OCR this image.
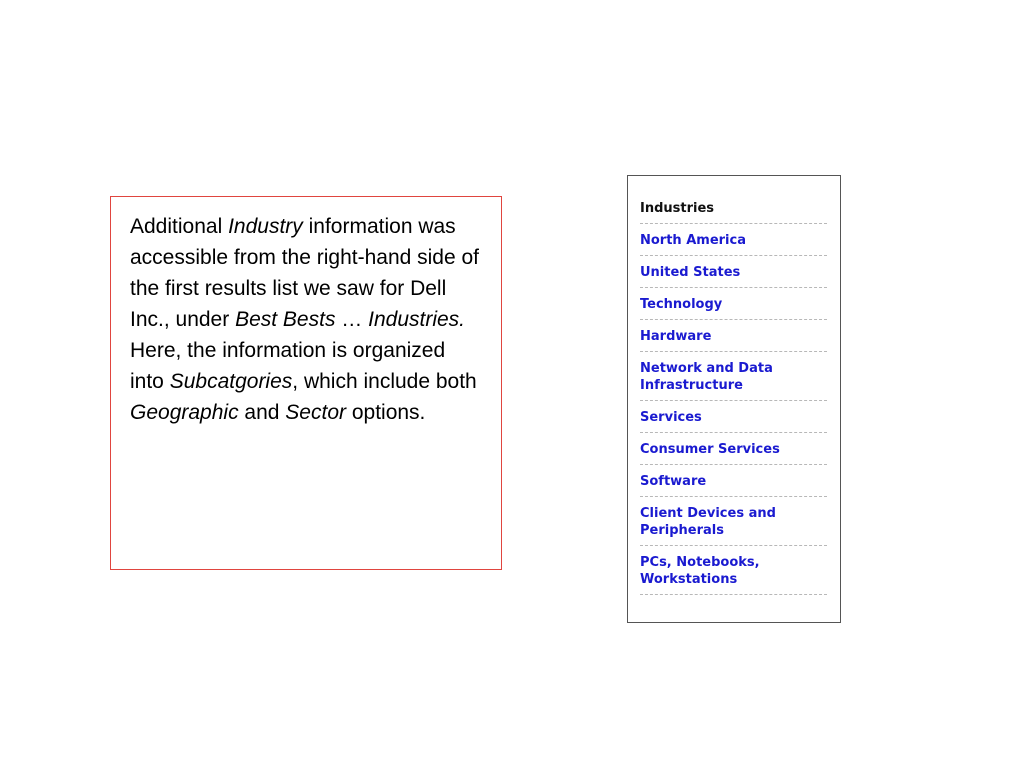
Additional Industry information was accessible from the right-hand side of the first results list we saw for Dell Inc., under Best Bests … Industries. Here, the information is organized into Subcatgories, which include both Geographic and Sector options.

Industries
North America
United States
Technology
Hardware
Network and Data Infrastructure
Services
Consumer Services
Software
Client Devices and Peripherals
PCs, Notebooks, Workstations
